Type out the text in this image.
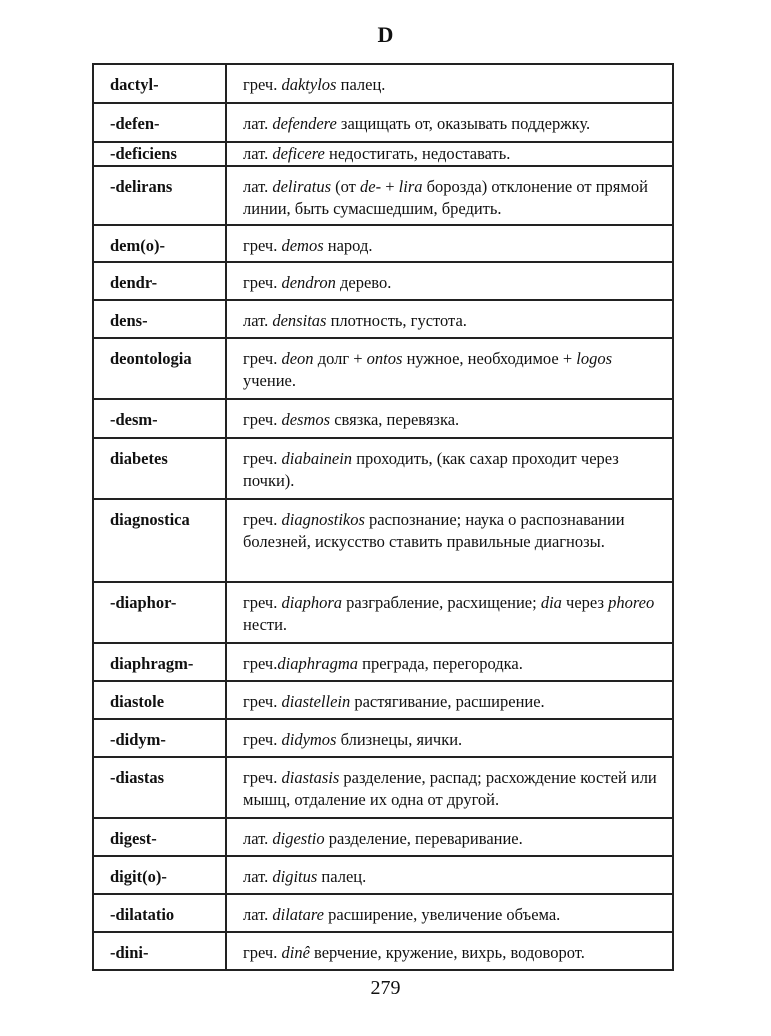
D
dactyl-	греч. daktylos палец.
-defen-	лат. defendere защищать от, оказывать поддержку.
-deficiens	лат. deficere недостигать, недоставать.
-delirans	лат. deliratus (от de- + lira борозда) отклонение от прямой линии, быть сумасшедшим, бредить.
dem(o)-	греч. demos народ.
dendr-	греч. dendron дерево.
dens-	лат. densitas плотность, густота.
deontologia	греч. deon долг + ontos нужное, необходимое + logos учение.
-desm-	греч. desmos связка, перевязка.
diabetes	греч. diabainein проходить, (как сахар проходит через почки).
diagnostica	греч. diagnostikos распознание; наука о распознавании болезней, искусство ставить правильные диагнозы.
-diaphor-	греч. diaphora разграбление, расхищение; dia через phoreo нести.
diaphragm-	греч.diaphragma преграда, перегородка.
diastole	греч. diastellein растягивание, расширение.
-didym-	греч. didymos близнецы, яички.
-diastas	греч. diastasis разделение, распад; расхождение костей или мышц, отдаление их одна от другой.
digest-	лат. digestio разделение, переваривание.
digit(o)-	лат. digitus палец.
-dilatatio	лат. dilatare расширение, увеличение объема.
-dini-	греч. dinê верчение, кружение, вихрь, водоворот.
279
